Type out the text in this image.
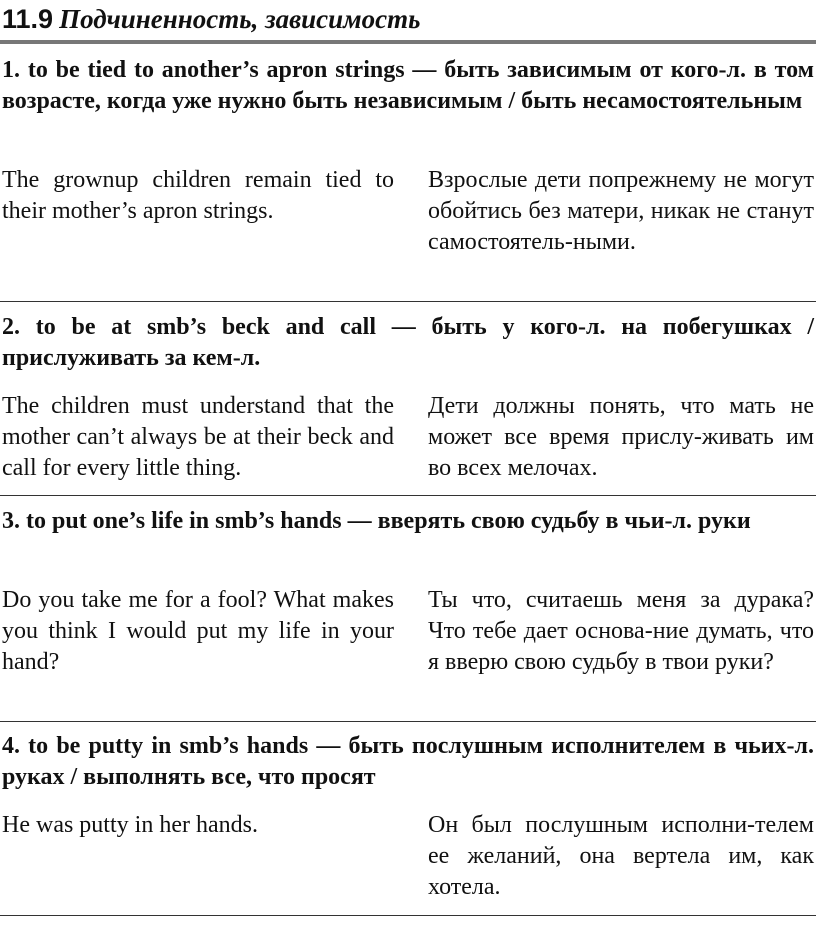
11.9 Подчиненность, зависимость
1. to be tied to another’s apron strings — быть зависимым от кого-л. в том возрасте, когда уже нужно быть независимым / быть несамостоятельным
The grownup children remain tied to their mother’s apron strings.
Взрослые дети попрежнему не могут обойтись без матери, никак не станут самостоятель-ными.
2. to be at smb’s beck and call — быть у кого-л. на побегушках / прислуживать за кем-л.
The children must understand that the mother can’t always be at their beck and call for every little thing.
Дети должны понять, что мать не может все время прислу-живать им во всех мелочах.
3. to put one’s life in smb’s hands — вверять свою судьбу в чьи-л. руки
Do you take me for a fool? What makes you think I would put my life in your hand?
Ты что, считаешь меня за дурака? Что тебе дает основа-ние думать, что я вверю свою судьбу в твои руки?
4. to be putty in smb’s hands — быть послушным исполнителем в чьих-л. руках / выполнять все, что просят
He was putty in her hands.	Он был послушным исполни-телем ее желаний, она вертела им, как хотела.
